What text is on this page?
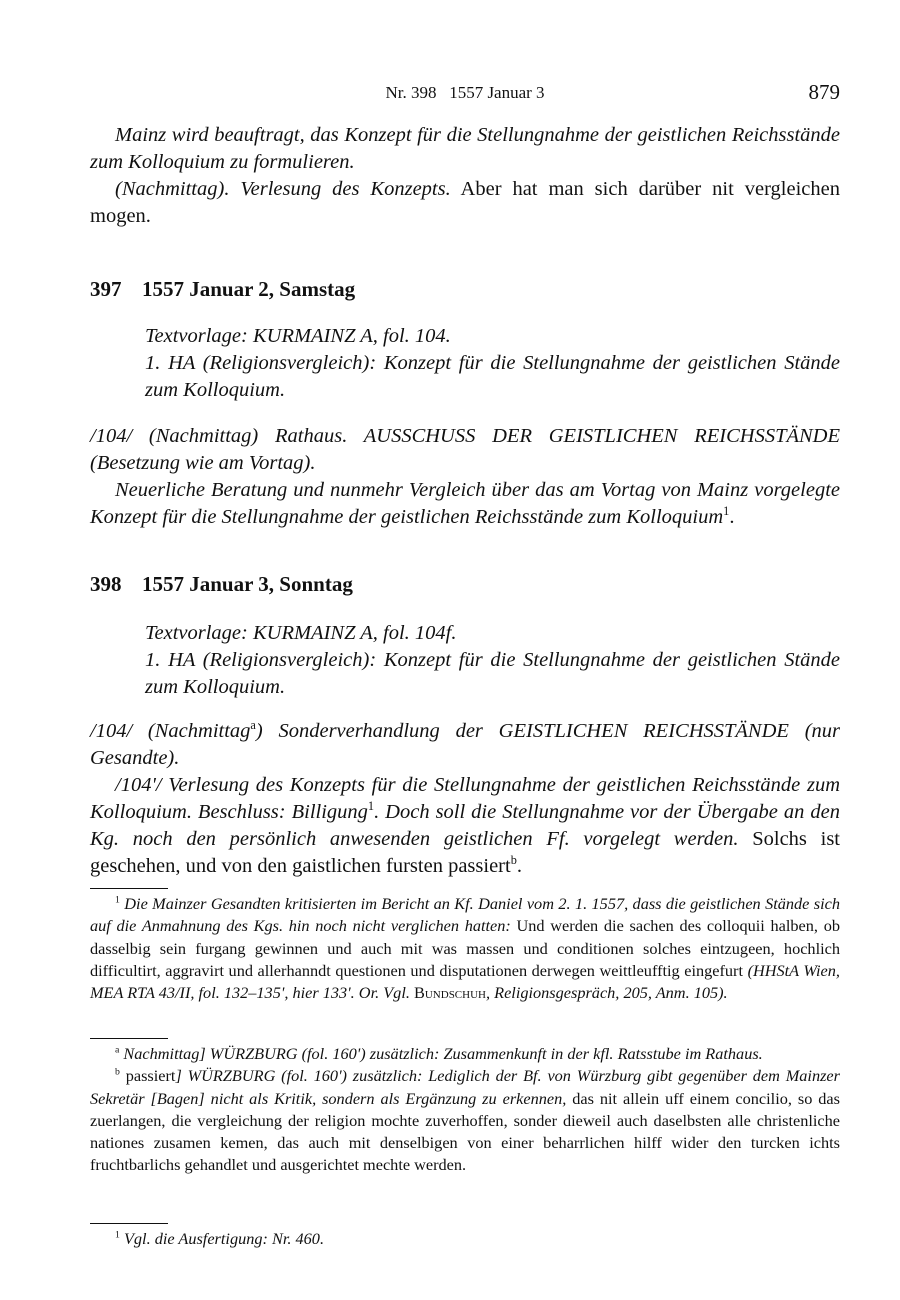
Nr. 398   1557 Januar 3	879

Mainz wird beauftragt, das Konzept für die Stellungnahme der geistlichen Reichsstände zum Kolloquium zu formulieren.

(Nachmittag). Verlesung des Konzepts. Aber hat man sich darüber nit vergleichen mogen.

397 1557 Januar 2, Samstag

Textvorlage: KURMAINZ A, fol. 104.

1. HA (Religionsvergleich): Konzept für die Stellungnahme der geistlichen Stände zum Kolloquium.

/104/ (Nachmittag) Rathaus. AUSSCHUSS DER GEISTLICHEN REICHSSTÄNDE (Besetzung wie am Vortag).

Neuerliche Beratung und nunmehr Vergleich über das am Vortag von Mainz vorgelegte Konzept für die Stellungnahme der geistlichen Reichsstände zum Kolloquium$^1$.

398 1557 Januar 3, Sonntag

Textvorlage: KURMAINZ A, fol. 104f.

1. HA (Religionsvergleich): Konzept für die Stellungnahme der geistlichen Stände zum Kolloquium.

/104/ (Nachmittag$^a$) Sonderverhandlung der GEISTLICHEN REICHSSTÄNDE (nur Gesandte).

/104'/ Verlesung des Konzepts für die Stellungnahme der geistlichen Reichsstände zum Kolloquium. Beschluss: Billigung$^1$. Doch soll die Stellungnahme vor der Übergabe an den Kg. noch den persönlich anwesenden geistlichen Ff. vorgelegt werden. Solchs ist geschehen, und von den gaistlichen fursten passiert$^b$.

$^1$ Die Mainzer Gesandten kritisierten im Bericht an Kf. Daniel vom 2. 1. 1557, dass die geistlichen Stände sich auf die Anmahnung des Kgs. hin noch nicht verglichen hatten: Und werden die sachen des colloquii halben, ob dasselbig sein furgang gewinnen und auch mit was massen und conditionen solches eintzugeen, hochlich difficultirt, aggravirt und allerhanndt questionen und disputationen derwegen weittleufftig eingefurt (HHStA Wien, MEA RTA 43/II, fol. 132–135', hier 133'. Or. Vgl. Bundschuh, Religionsgespräch, 205, Anm. 105).

$^a$ Nachmittag] WÜRZBURG (fol. 160') zusätzlich: Zusammenkunft in der kfl. Ratsstube im Rathaus.

$^b$ passiert] WÜRZBURG (fol. 160') zusätzlich: Lediglich der Bf. von Würzburg gibt gegenüber dem Mainzer Sekretär [Bagen] nicht als Kritik, sondern als Ergänzung zu erkennen, das nit allein uff einem concilio, so das zuerlangen, die vergleichung der religion mochte zuverhoffen, sonder dieweil auch daselbsten alle christenliche nationes zusamen kemen, das auch mit denselbigen von einer beharrlichen hilff wider den turcken ichts fruchtbarlichs gehandlet und ausgerichtet mechte werden.

$^1$ Vgl. die Ausfertigung: Nr. 460.
